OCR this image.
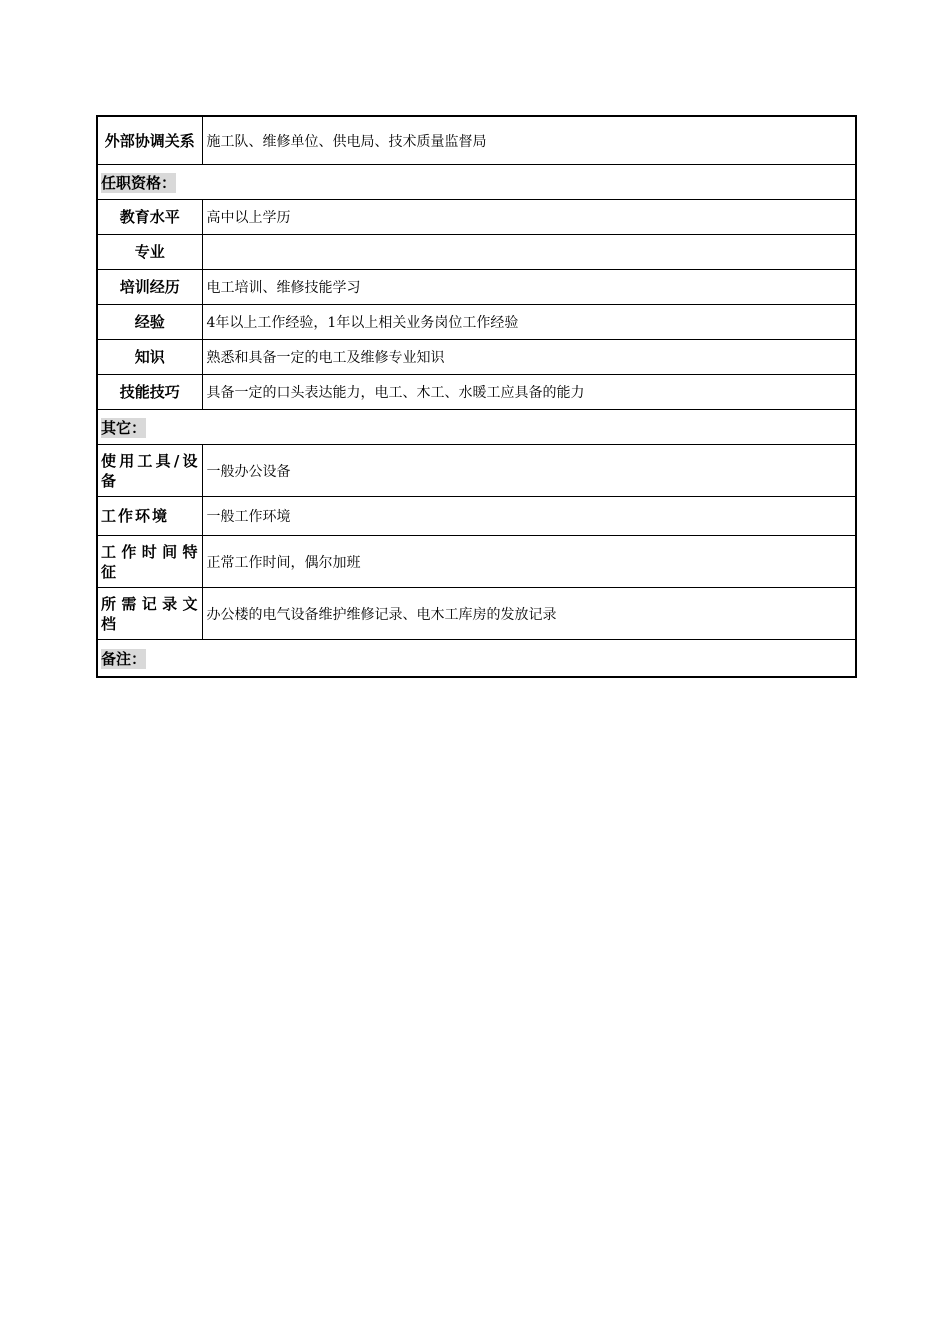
外部协调关系	施工队、维修单位、供电局、技术质量监督局
任职资格：	
教育水平	高中以上学历
专业	
培训经历	电工培训、维修技能学习
经验	4年以上工作经验，1年以上相关业务岗位工作经验
知识	熟悉和具备一定的电工及维修专业知识
技能技巧	具备一定的口头表达能力，电工、木工、水暖工应具备的能力
其它：	
使用工具/设备	一般办公设备
工作环境	一般工作环境
工作时间特征	正常工作时间，偶尔加班
所需记录文档	办公楼的电气设备维护维修记录、电木工库房的发放记录
备注：	
